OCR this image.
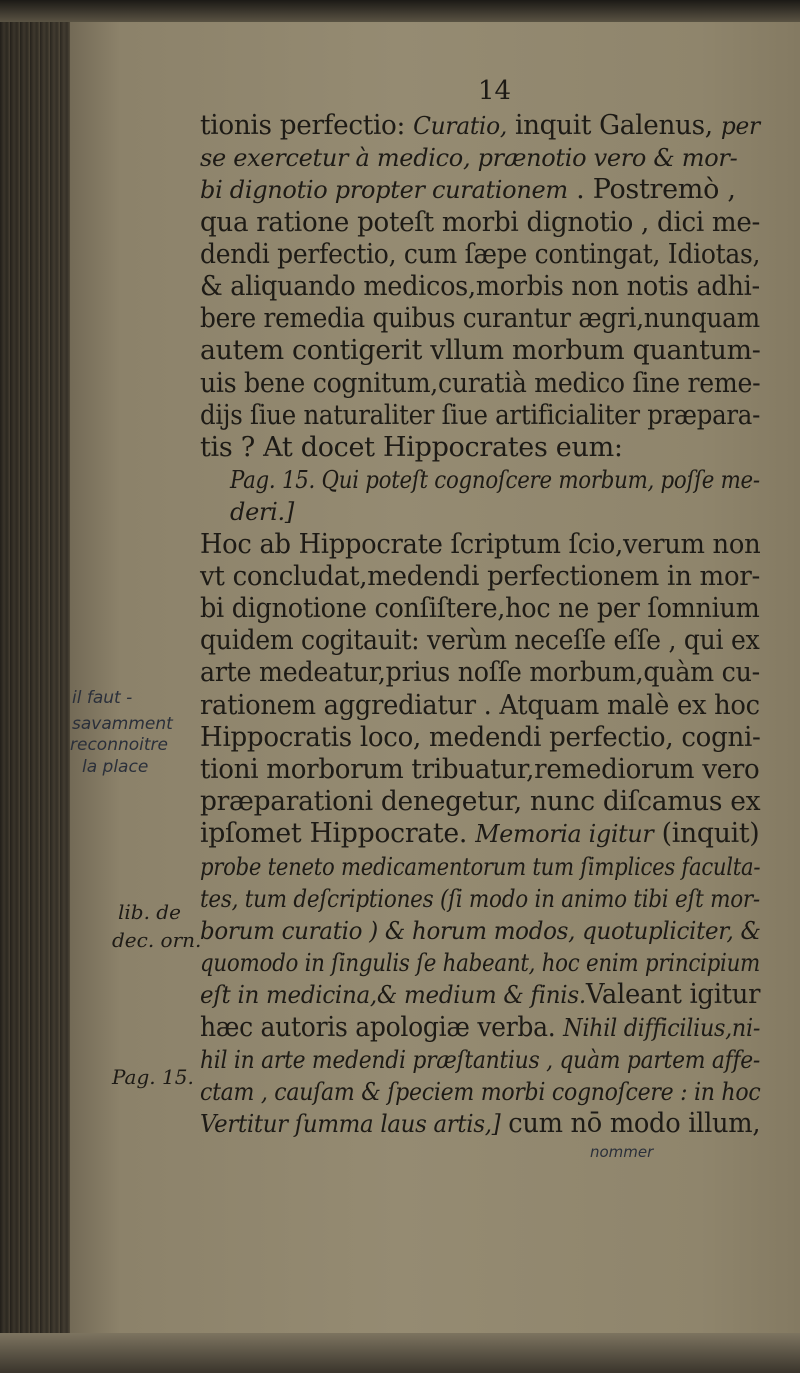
14
tionis perfectio: Curatio, inquit Galenus, per
se exercetur à medico, prænotio vero & mor-
bi dignotio propter curationem . Postremò ,
qua ratione poteſt morbi dignotio , dici me-
dendi perfectio, cum ſæpe contingat, Idiotas,
& aliquando medicos,morbis non notis adhi-
bere remedia quibus curantur ægri,nunquam
autem contigerit vllum morbum quantum-
uis bene cognitum,curatià medico ſine reme-
dijs ſiue naturaliter ſiue artificialiter prӕpara-
tis ? At docet Hippocrates eum:
Pag. 15. Qui poteſt cognoſcere morbum, poſſe me-
deri.]
Hoc ab Hippocrate ſcriptum ſcio,verum non
vt concludat,medendi perfectionem in mor-
bi dignotione conſiſtere,hoc ne per ſomnium
quidem cogitauit: verùm neceſſe eſſe , qui ex
arte medeatur,prius noſſe morbum,quàm cu-
rationem aggrediatur . Atquam malè ex hoc
Hippocratis loco, medendi perfectio, cogni-
tioni morborum tribuatur,remediorum vero
præparationi denegetur, nunc diſcamus ex
ipſomet Hippocrate. Memoria igitur (inquit)
probe teneto medicamentorum tum ſimplices faculta-
tes, tum deſcriptiones (ſi modo in animo tibi eſt mor-
borum curatio ) & horum modos, quotupliciter, &
quomodo in ſingulis ſe habeant, hoc enim principium
eſt in medicina,& medium & finis.Valeant igitur
hæc autoris apologiæ verba. Nihil difficilius,ni-
hil in arte medendi præſtantius , quàm partem affe-
ctam , cauſam & ſpeciem morbi cognoſcere : in hoc
Vertitur ſumma laus artis,] cum nō modo illum,
lib. de
dec. orn.
Pag. 15.
il faut -
savamment
reconnoitre
la place
nommer
